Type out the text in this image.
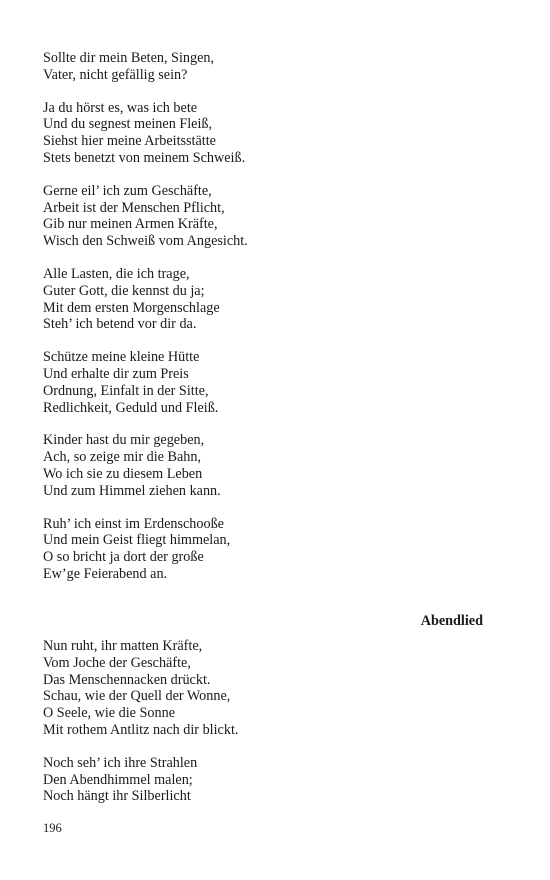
Sollte dir mein Beten, Singen,
Vater, nicht gefällig sein?
Ja du hörst es, was ich bete
Und du segnest meinen Fleiß,
Siehst hier meine Arbeitsstätte
Stets benetzt von meinem Schweiß.
Gerne eil’ ich zum Geschäfte,
Arbeit ist der Menschen Pflicht,
Gib nur meinen Armen Kräfte,
Wisch den Schweiß vom Angesicht.
Alle Lasten, die ich trage,
Guter Gott, die kennst du ja;
Mit dem ersten Morgenschlage
Steh’ ich betend vor dir da.
Schütze meine kleine Hütte
Und erhalte dir zum Preis
Ordnung, Einfalt in der Sitte,
Redlichkeit, Geduld und Fleiß.
Kinder hast du mir gegeben,
Ach, so zeige mir die Bahn,
Wo ich sie zu diesem Leben
Und zum Himmel ziehen kann.
Ruh’ ich einst im Erdenschooße
Und mein Geist fliegt himmelan,
O so bricht ja dort der große
Ew’ge Feierabend an.
Abendlied
Nun ruht, ihr matten Kräfte,
Vom Joche der Geschäfte,
Das Menschennacken drückt.
Schau, wie der Quell der Wonne,
O Seele, wie die Sonne
Mit rothem Antlitz nach dir blickt.
Noch seh’ ich ihre Strahlen
Den Abendhimmel malen;
Noch hängt ihr Silberlicht
196
